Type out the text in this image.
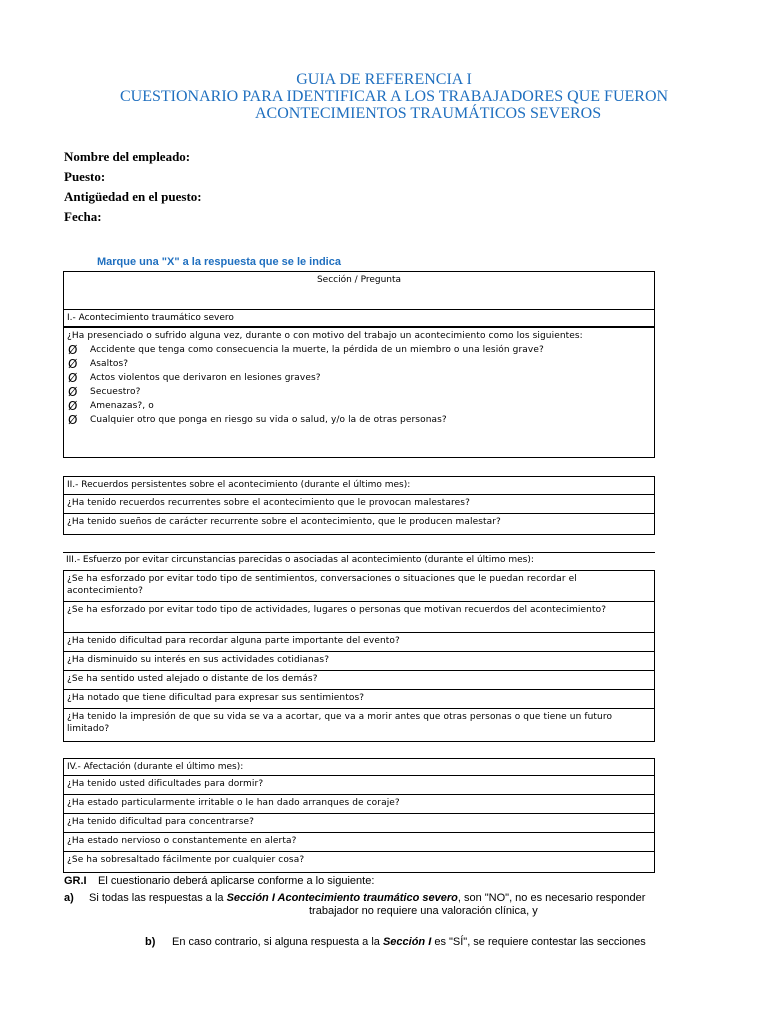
GUIA DE REFERENCIA I
CUESTIONARIO PARA IDENTIFICAR A LOS TRABAJADORES QUE FUERON
ACONTECIMIENTOS TRAUMÁTICOS SEVEROS
Nombre del empleado:
Puesto:
Antigüedad en el puesto:
Fecha:
Marque una "X" a la respuesta que se le indica
Sección / Pregunta
I.- Acontecimiento traumático severo
¿Ha presenciado o sufrido alguna vez, durante o con motivo del trabajo un acontecimiento como los siguientes:
Ø	Accidente que tenga como consecuencia la muerte, la pérdida de un miembro o una lesión grave?
Ø	Asaltos?
Ø	Actos violentos que derivaron en lesiones graves?
Ø	Secuestro?
Ø	Amenazas?, o
Ø	Cualquier otro que ponga en riesgo su vida o salud, y/o la de otras personas?
II.- Recuerdos persistentes sobre el acontecimiento (durante el último mes):
¿Ha tenido recuerdos recurrentes sobre el acontecimiento que le provocan malestares?
¿Ha tenido sueños de carácter recurrente sobre el acontecimiento, que le producen malestar?
III.- Esfuerzo por evitar circunstancias parecidas o asociadas al acontecimiento (durante el último mes):
¿Se ha esforzado por evitar todo tipo de sentimientos, conversaciones o situaciones que le puedan recordar el acontecimiento?
¿Se ha esforzado por evitar todo tipo de actividades, lugares o personas que motivan recuerdos del acontecimiento?
¿Ha tenido dificultad para recordar alguna parte importante del evento?
¿Ha disminuido su interés en sus actividades cotidianas?
¿Se ha sentido usted alejado o distante de los demás?
¿Ha notado que tiene dificultad para expresar sus sentimientos?
¿Ha tenido la impresión de que su vida se va a acortar, que va a morir antes que otras personas o que tiene un futuro limitado?
IV.- Afectación (durante el último mes):
¿Ha tenido usted dificultades para dormir?
¿Ha estado particularmente irritable o le han dado arranques de coraje?
¿Ha tenido dificultad para concentrarse?
¿Ha estado nervioso o constantemente en alerta?
¿Se ha sobresaltado fácilmente por cualquier cosa?
GR.I El cuestionario deberá aplicarse conforme a lo siguiente:
a) Si todas las respuestas a la Sección I Acontecimiento traumático severo, son "NO", no es necesario responder
trabajador no requiere una valoración clínica, y
b) En caso contrario, si alguna respuesta a la Sección I es "SÍ", se requiere contestar las secciones
